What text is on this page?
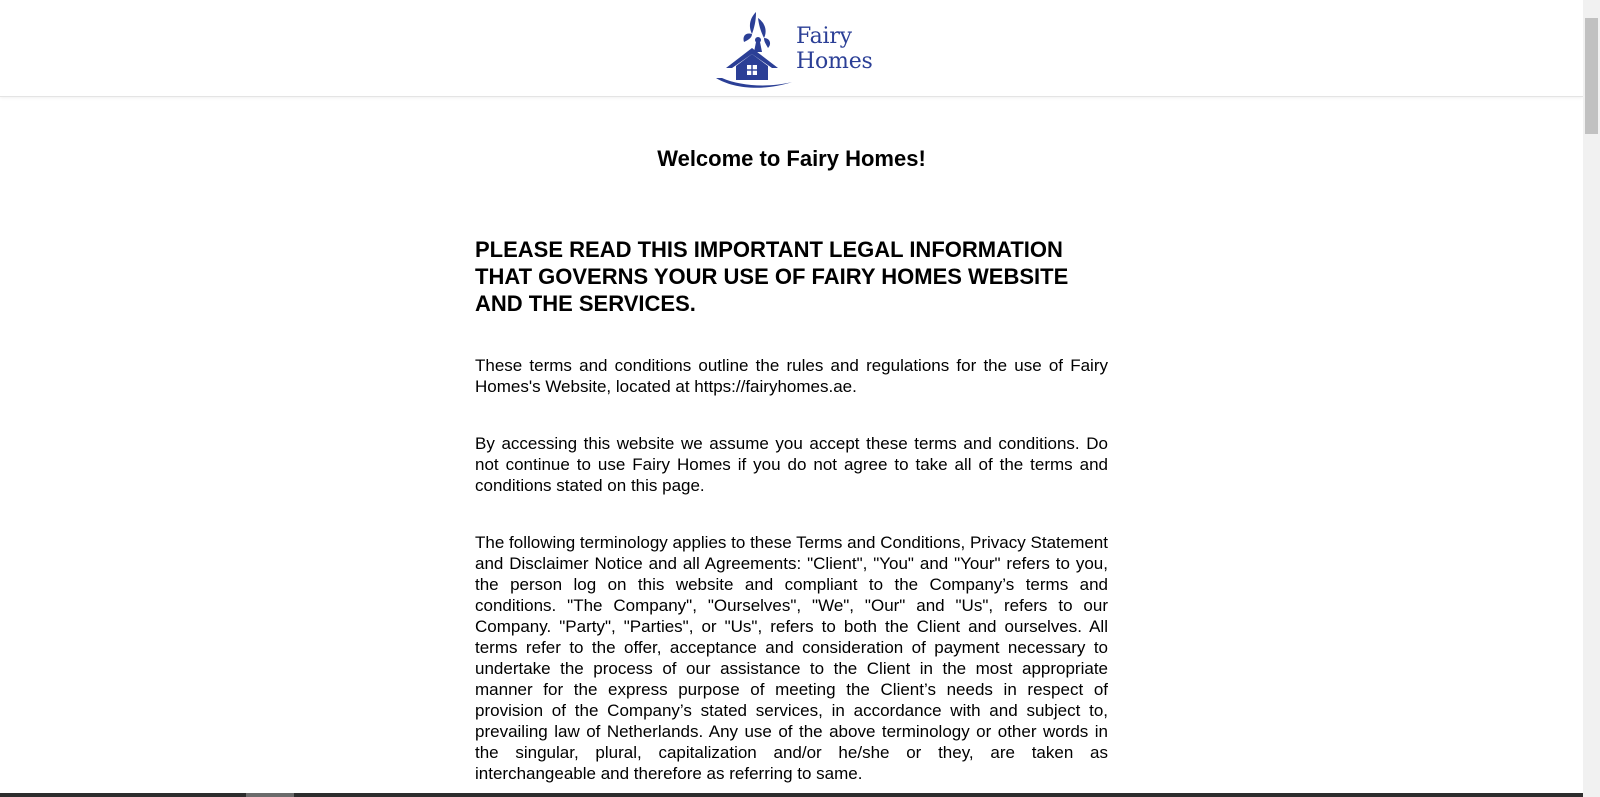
Fairy
Homes
Welcome to Fairy Homes!
PLEASE READ THIS IMPORTANT LEGAL INFORMATION THAT GOVERNS YOUR USE OF FAIRY HOMES WEBSITE AND THE SERVICES.

These terms and conditions outline the rules and regulations for the use of Fairy Homes's Website, located at https://fairyhomes.ae.

By accessing this website we assume you accept these terms and conditions. Do not continue to use Fairy Homes if you do not agree to take all of the terms and conditions stated on this page.

The following terminology applies to these Terms and Conditions, Privacy Statement and Disclaimer Notice and all Agreements: "Client", "You" and "Your" refers to you, the person log on this website and compliant to the Company’s terms and conditions. "The Company", "Ourselves", "We", "Our" and "Us", refers to our Company. "Party", "Parties", or "Us", refers to both the Client and ourselves. All terms refer to the offer, acceptance and consideration of payment necessary to undertake the process of our assistance to the Client in the most appropriate manner for the express purpose of meeting the Client’s needs in respect of provision of the Company’s stated services, in accordance with and subject to, prevailing law of Netherlands. Any use of the above terminology or other words in the singular, plural, capitalization and/or he/she or they, are taken as interchangeable and therefore as referring to same.
